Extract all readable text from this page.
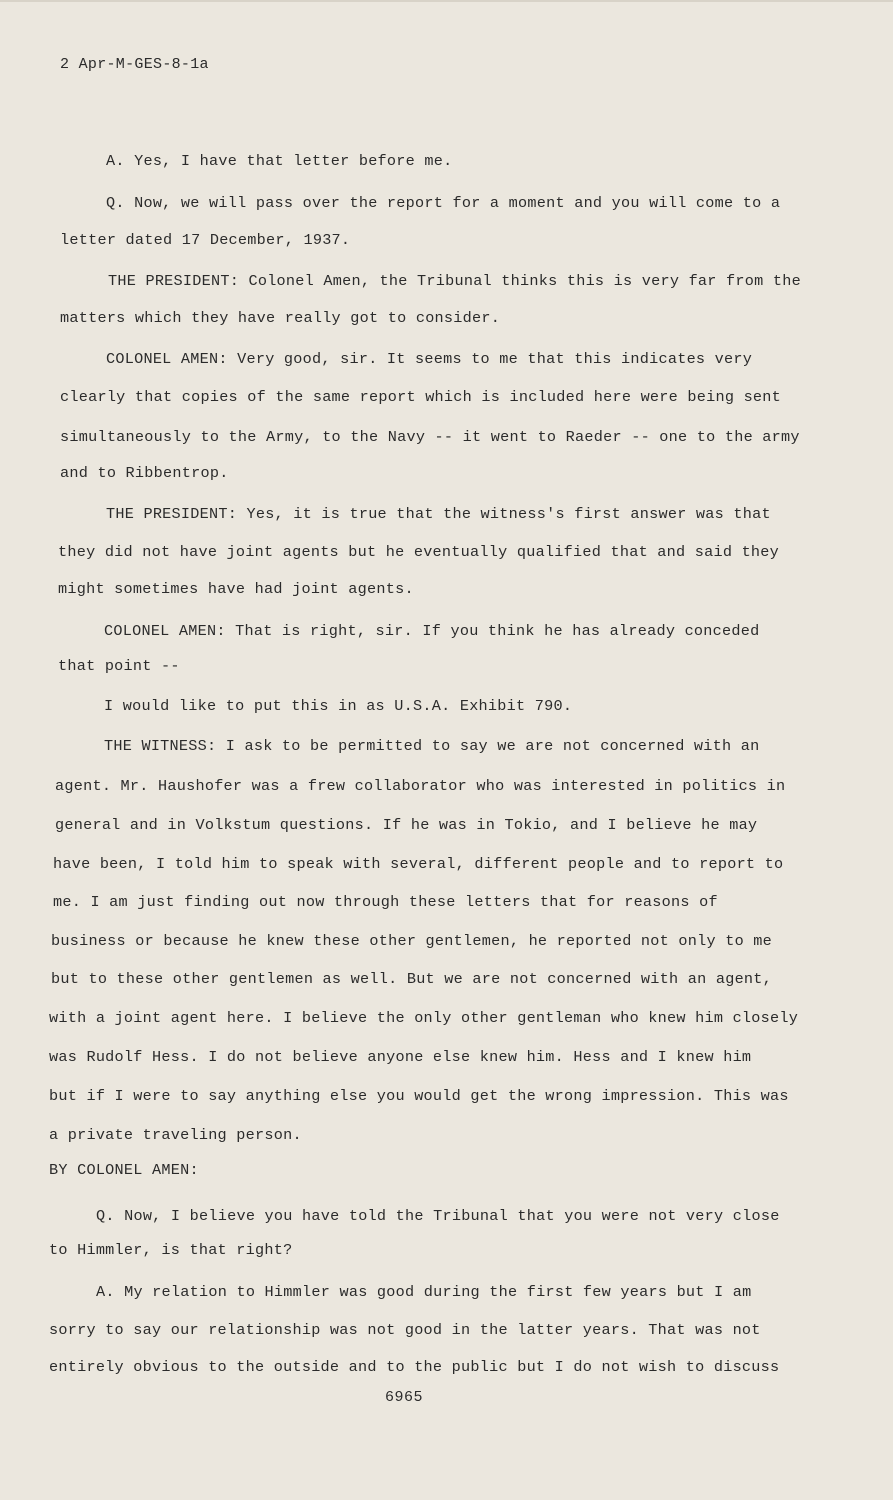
2 Apr-M-GES-8-1a
A. Yes, I have that letter before me.
Q. Now, we will pass over the report for a moment and you will come to a
letter dated 17 December, 1937.
THE PRESIDENT: Colonel Amen, the Tribunal thinks this is very far from the
matters which they have really got to consider.
COLONEL AMEN: Very good, sir. It seems to me that this indicates very
clearly that copies of the same report which is included here were being sent
simultaneously to the Army, to the Navy -- it went to Raeder -- one to the army
and to Ribbentrop.
THE PRESIDENT: Yes, it is true that the witness's first answer was that
they did not have joint agents but he eventually qualified that and said they
might sometimes have had joint agents.
COLONEL AMEN: That is right, sir. If you think he has already conceded
that point --
I would like to put this in as U.S.A. Exhibit 790.
THE WITNESS: I ask to be permitted to say we are not concerned with an
agent. Mr. Haushofer was a frew collaborator who was interested in politics in
general and in Volkstum questions. If he was in Tokio, and I believe he may
have been, I told him to speak with several, different people and to report to
me. I am just finding out now through these letters that for reasons of
business or because he knew these other gentlemen, he reported not only to me
but to these other gentlemen as well. But we are not concerned with an agent,
with a joint agent here. I believe the only other gentleman who knew him closely
was Rudolf Hess. I do not believe anyone else knew him. Hess and I knew him
but if I were to say anything else you would get the wrong impression. This was
a private traveling person.
BY COLONEL AMEN:
Q. Now, I believe you have told the Tribunal that you were not very close
to Himmler, is that right?
A. My relation to Himmler was good during the first few years but I am
sorry to say our relationship was not good in the latter years. That was not
entirely obvious to the outside and to the public but I do not wish to discuss
6965
